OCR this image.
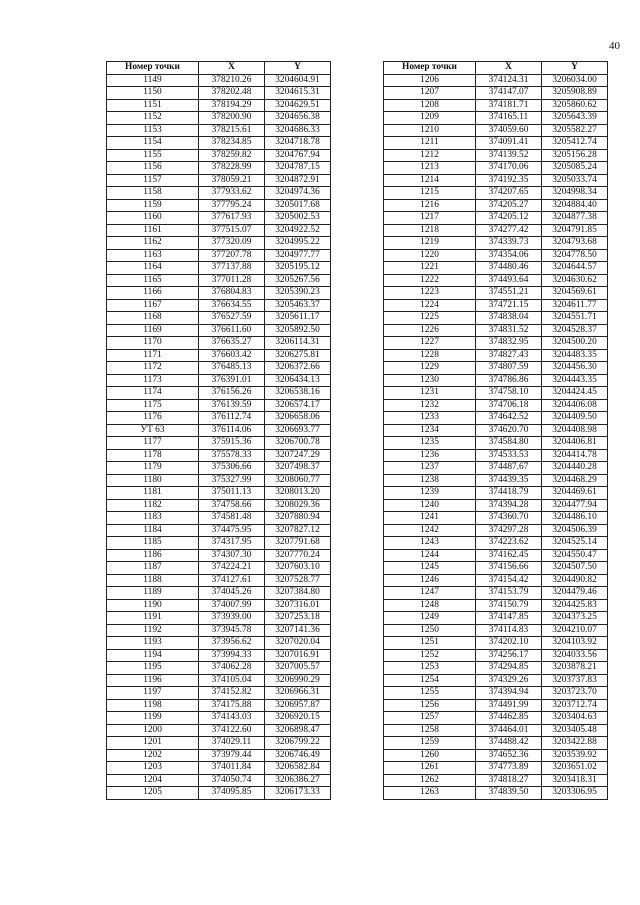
40
Номер точки	X	Y
1149	378210.26	3204604.91
1150	378202.48	3204615.31
1151	378194.29	3204629.51
1152	378200.90	3204656.38
1153	378215.61	3204686.33
1154	378234.85	3204718.78
1155	378259.82	3204767.94
1156	378228.99	3204787.15
1157	378059.21	3204872.91
1158	377933.62	3204974.36
1159	377795.24	3205017.68
1160	377617.93	3205002.53
1161	377515.07	3204922.52
1162	377320.09	3204995.22
1163	377207.78	3204977.77
1164	377137.88	3205195.12
1165	377011.28	3205267.56
1166	376804.83	3205390.23
1167	376634.55	3205463.37
1168	376527.59	3205611.17
1169	376611.60	3205892.50
1170	376635.27	3206114.31
1171	376603.42	3206275.81
1172	376485.13	3206372.66
1173	376391.01	3206434.13
1174	376156.26	3206538.16
1175	376139.59	3206574.17
1176	376112.74	3206658.06
УТ 63	376114.06	3206693.77
1177	375915.36	3206700.78
1178	375578.33	3207247.29
1179	375306.66	3207498.37
1180	375327.99	3208060.77
1181	375011.13	3208013.20
1182	374758.66	3208029.36
1183	374581.48	3207880.94
1184	374475.95	3207827.12
1185	374317.95	3207791.68
1186	374307.30	3207770.24
1187	374224.21	3207603.10
1188	374127.61	3207528.77
1189	374045.26	3207384.80
1190	374007.99	3207316.01
1191	373939.00	3207253.18
1192	373945.78	3207141.36
1193	373956.62	3207020.04
1194	373994.33	3207016.91
1195	374062.28	3207005.57
1196	374105.04	3206990.29
1197	374152.82	3206966.31
1198	374175.88	3206957.87
1199	374143.03	3206920.15
1200	374122.60	3206898.47
1201	374029.11	3206799.22
1202	373979.44	3206746.49
1203	374011.84	3206582.84
1204	374050.74	3206386.27
1205	374095.85	3206173.33
Номер точки	X	Y
1206	374124.31	3206034.00
1207	374147.07	3205908.89
1208	374181.71	3205860.62
1209	374165.11	3205643.39
1210	374059.60	3205582.27
1211	374091.41	3205412.74
1212	374139.52	3205156.28
1213	374170.06	3205085.24
1214	374192.35	3205033.74
1215	374207.65	3204998.34
1216	374205.27	3204884.40
1217	374205.12	3204877.38
1218	374277.42	3204791.85
1219	374339.73	3204793.68
1220	374354.06	3204778.50
1221	374480.46	3204644.57
1222	374493.64	3204630.62
1223	374551.21	3204569.61
1224	374721.15	3204611.77
1225	374838.04	3204551.71
1226	374831.52	3204528.37
1227	374832.95	3204500.20
1228	374827.43	3204483.35
1229	374807.59	3204456.30
1230	374786.86	3204443.35
1231	374758.10	3204424.45
1232	374706.18	3204406.08
1233	374642.52	3204409.50
1234	374620.70	3204408.98
1235	374584.80	3204406.81
1236	374533.53	3204414.78
1237	374487.67	3204440.28
1238	374439.35	3204468.29
1239	374418.79	3204469.61
1240	374394.28	3204477.94
1241	374360.70	3204486.10
1242	374297.28	3204506.39
1243	374223.62	3204525.14
1244	374162.45	3204550.47
1245	374156.66	3204507.50
1246	374154.42	3204490.82
1247	374153.79	3204479.46
1248	374150.79	3204425.83
1249	374147.85	3204373.25
1250	374114.83	3204210.07
1251	374202.10	3204103.92
1252	374256.17	3204033.56
1253	374294.85	3203878.21
1254	374329.26	3203737.83
1255	374394.94	3203723.70
1256	374491.99	3203712.74
1257	374462.85	3203404.63
1258	374464.01	3203405.48
1259	374488.42	3203422.88
1260	374652.36	3203539.92
1261	374773.89	3203651.02
1262	374818.27	3203418.31
1263	374839.50	3203306.95
